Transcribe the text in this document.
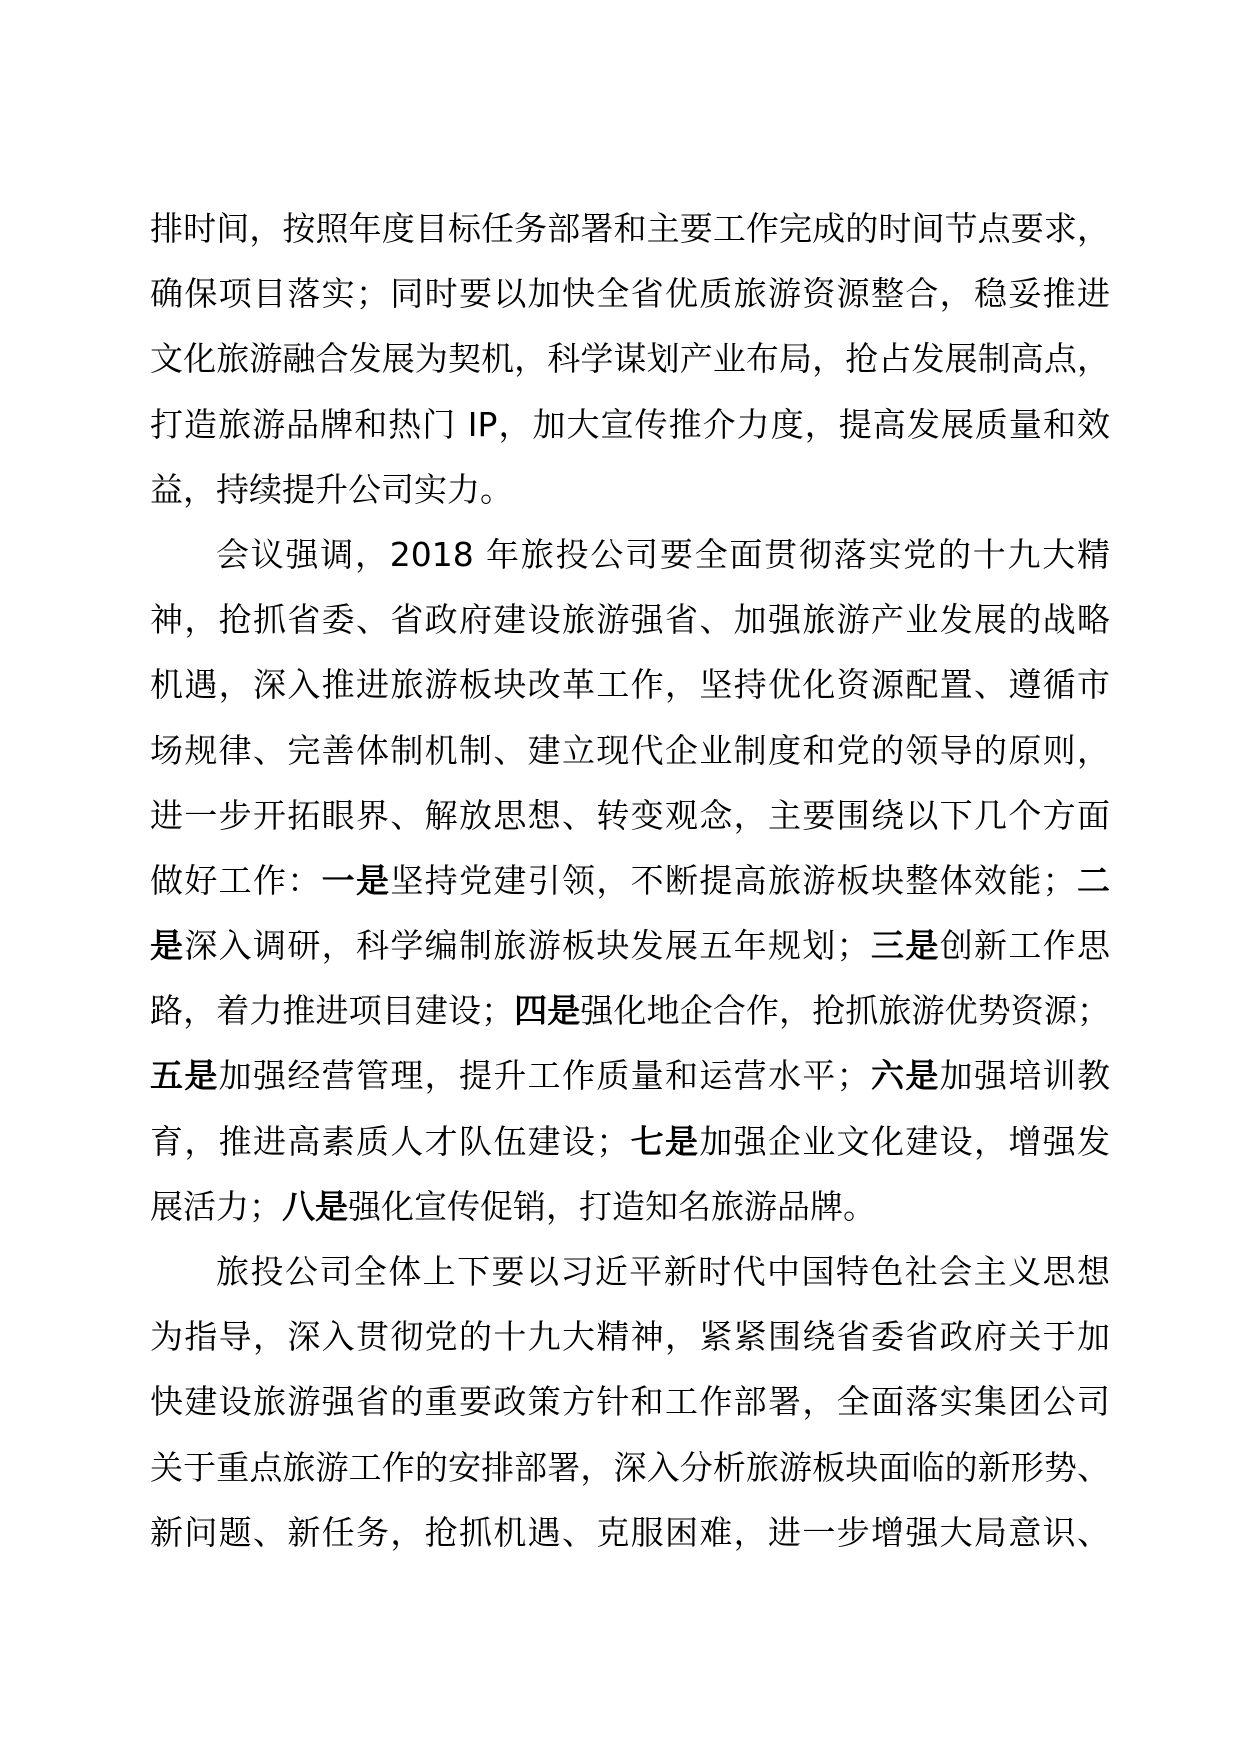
排时间，按照年度目标任务部署和主要工作完成的时间节点要求，
确保项目落实；同时要以加快全省优质旅游资源整合，稳妥推进
文化旅游融合发展为契机，科学谋划产业布局，抢占发展制高点，
打造旅游品牌和热门 IP，加大宣传推介力度，提高发展质量和效
益，持续提升公司实力。
会议强调，2018 年旅投公司要全面贯彻落实党的十九大精
神，抢抓省委、省政府建设旅游强省、加强旅游产业发展的战略
机遇，深入推进旅游板块改革工作，坚持优化资源配置、遵循市
场规律、完善体制机制、建立现代企业制度和党的领导的原则，
进一步开拓眼界、解放思想、转变观念，主要围绕以下几个方面
做好工作：一是坚持党建引领，不断提高旅游板块整体效能；二
是深入调研，科学编制旅游板块发展五年规划；三是创新工作思
路，着力推进项目建设；四是强化地企合作，抢抓旅游优势资源；
五是加强经营管理，提升工作质量和运营水平；六是加强培训教
育，推进高素质人才队伍建设；七是加强企业文化建设，增强发
展活力；八是强化宣传促销，打造知名旅游品牌。
旅投公司全体上下要以习近平新时代中国特色社会主义思想
为指导，深入贯彻党的十九大精神，紧紧围绕省委省政府关于加
快建设旅游强省的重要政策方针和工作部署，全面落实集团公司
关于重点旅游工作的安排部署，深入分析旅游板块面临的新形势、
新问题、新任务，抢抓机遇、克服困难，进一步增强大局意识、
